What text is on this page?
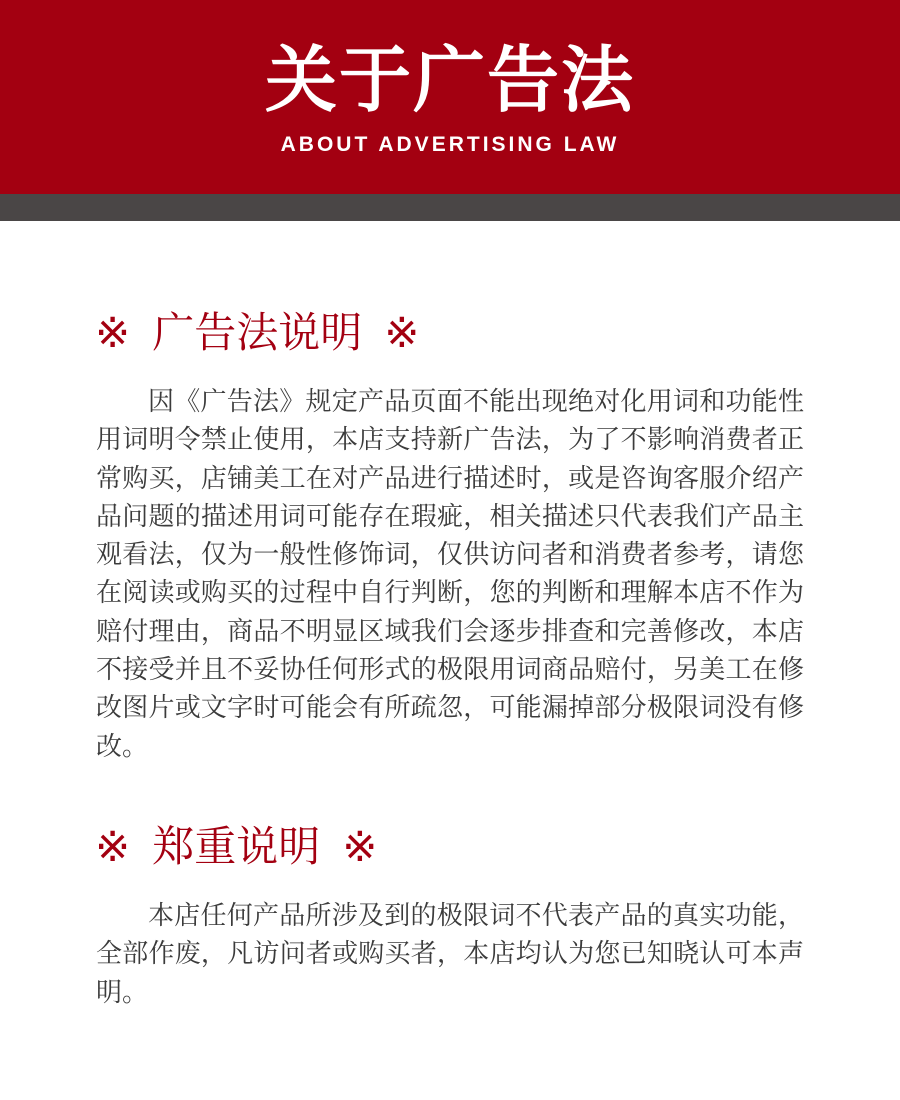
关于广告法
ABOUT ADVERTISING LAW
※ 广告法说明 ※

因《广告法》规定产品页面不能出现绝对化用词和功能性用词明令禁止使用，本店支持新广告法，为了不影响消费者正常购买，店铺美工在对产品进行描述时，或是咨询客服介绍产品问题的描述用词可能存在瑕疵，相关描述只代表我们产品主观看法，仅为一般性修饰词，仅供访问者和消费者参考，请您在阅读或购买的过程中自行判断，您的判断和理解本店不作为赔付理由，商品不明显区域我们会逐步排查和完善修改，本店不接受并且不妥协任何形式的极限用词商品赔付，另美工在修改图片或文字时可能会有所疏忽，可能漏掉部分极限词没有修改。

※ 郑重说明 ※

本店任何产品所涉及到的极限词不代表产品的真实功能，全部作废，凡访问者或购买者，本店均认为您已知晓认可本声明。
